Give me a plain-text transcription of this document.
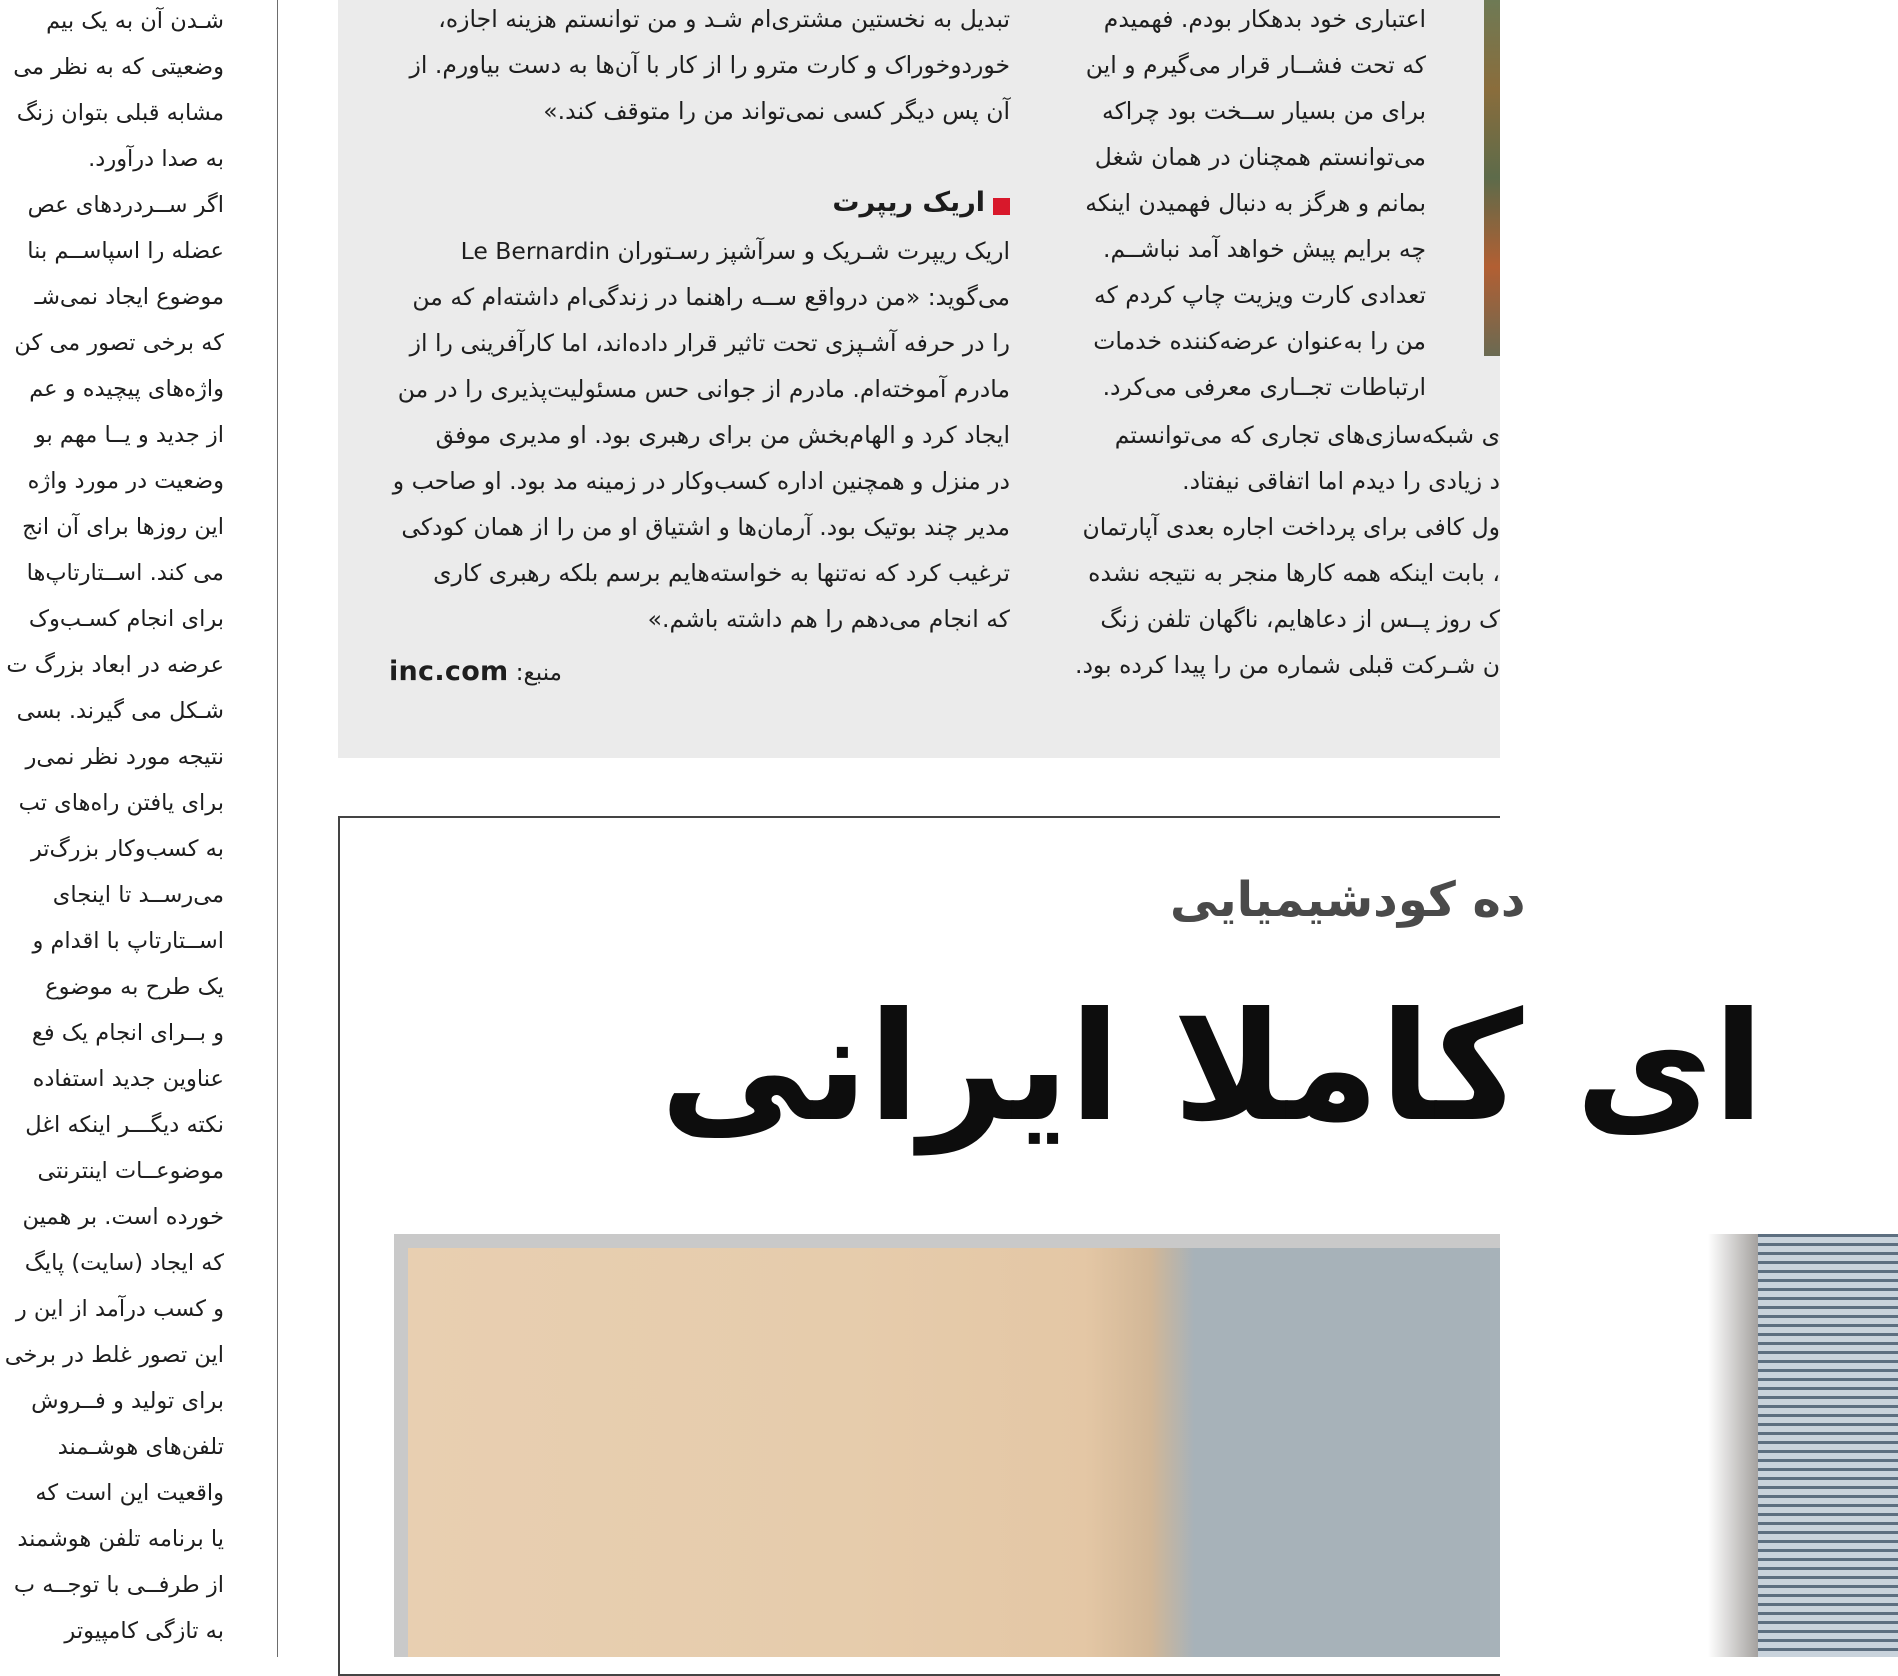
شـدن آن به یک بیم
وضعیتی که به نظر می
مشابه قبلی بتوان زنگ
به صدا درآورد.
اگر ســردردهای عص
عضله را اسپاســم بنا
موضوع ایجاد نمی‌شـ
که برخی تصور می کن
واژه‌های پیچیده و عم
از جدید و یــا مهم بو
وضعیت در مورد واژه
این روزها برای آن انج
می کند. اســتارتاپ‌ها
برای انجام کسـب‌وک
عرضه در ابعاد بزرگ ت
شـکل می گیرند. بسی
نتیجه مورد نظر نمی‌ر
برای یافتن راه‌های تب
به کسب‌وکار بزرگ‌تر
می‌رســد تا اینجای
اســتارتاپ با اقدام و
یک طرح به موضوع
و بــرای انجام یک فع
عناوین جدید استفاده
نکته دیگـــر اینکه اغل
موضوعــات اینترنتی
خورده است. بر همین
که ایجاد (سایت) پایگ
و کسب درآمد از این ر
این تصور غلط در برخی
برای تولید و فــروش
تلفن‌های هوشـمند
واقعیت این است که
یا برنامه تلفن هوشمند
از طرفــی با توجــه ب
به تازگی کامپیوتر
تبدیل به نخستین مشتری‌ام شـد و من توانستم هزینه اجازه،
خوردوخوراک و کارت مترو را از کار با آن‌ها به دست بیاورم. از
آن پس دیگر کسی نمی‌تواند من را متوقف کند.»
اریک ریپرت شـریک و سرآشپز رسـتوران Le Bernardin
می‌گوید: «من درواقع ســه راهنما در زندگی‌ام داشته‌ام که من
را در حرفه آشـپزی تحت تاثیر قرار داده‌اند، اما کارآفرینی را از
مادرم آموخته‌ام. مادرم از جوانی حس مسئولیت‌پذیری را در من
ایجاد کرد و الهام‌بخش من برای رهبری بود. او مدیری موفق
در منزل و همچنین اداره کسب‌و‌کار در زمینه مد بود. او صاحب و
مدیر چند بوتیک بود. آرمان‌ها و اشتیاق او من را از همان کودکی
ترغیب کرد که نه‌تنها به خواسته‌هایم برسم بلکه رهبری کاری
که انجام می‌دهم را هم داشته باشم.»
اعتباری خود بدهکار بودم. فهمیدم
که تحت فشــار قرار می‌گیرم و این
برای من بسیار ســخت بود چراکه
می‌توانستم همچنان در همان شغل
بمانم و هرگز به دنبال فهمیدن اینکه
چه برایم پیش خواهد آمد نباشــم.
تعدادی کارت ویزیت چاپ کردم که
من را به‌عنوان عرضه‌کننده خدمات
ارتباطات تجــاری معرفی می‌کرد.
ی شبکه‌سازی‌های تجاری که می‌توانستم
د زیادی را دیدم اما اتفاقی نیفتاد.
ول کافی برای پرداخت اجاره بعدی آپارتمان
، بابت اینکه همه کارها منجر به نتیجه نشده
ک روز پــس از دعاهایم، ناگهان تلفن زنگ
ن شـرکت قبلی شماره من را پیدا کرده بود.
اریک ریپرت
منبع: inc.com
ده کودشیمیایی
ای کاملا ایرانی
